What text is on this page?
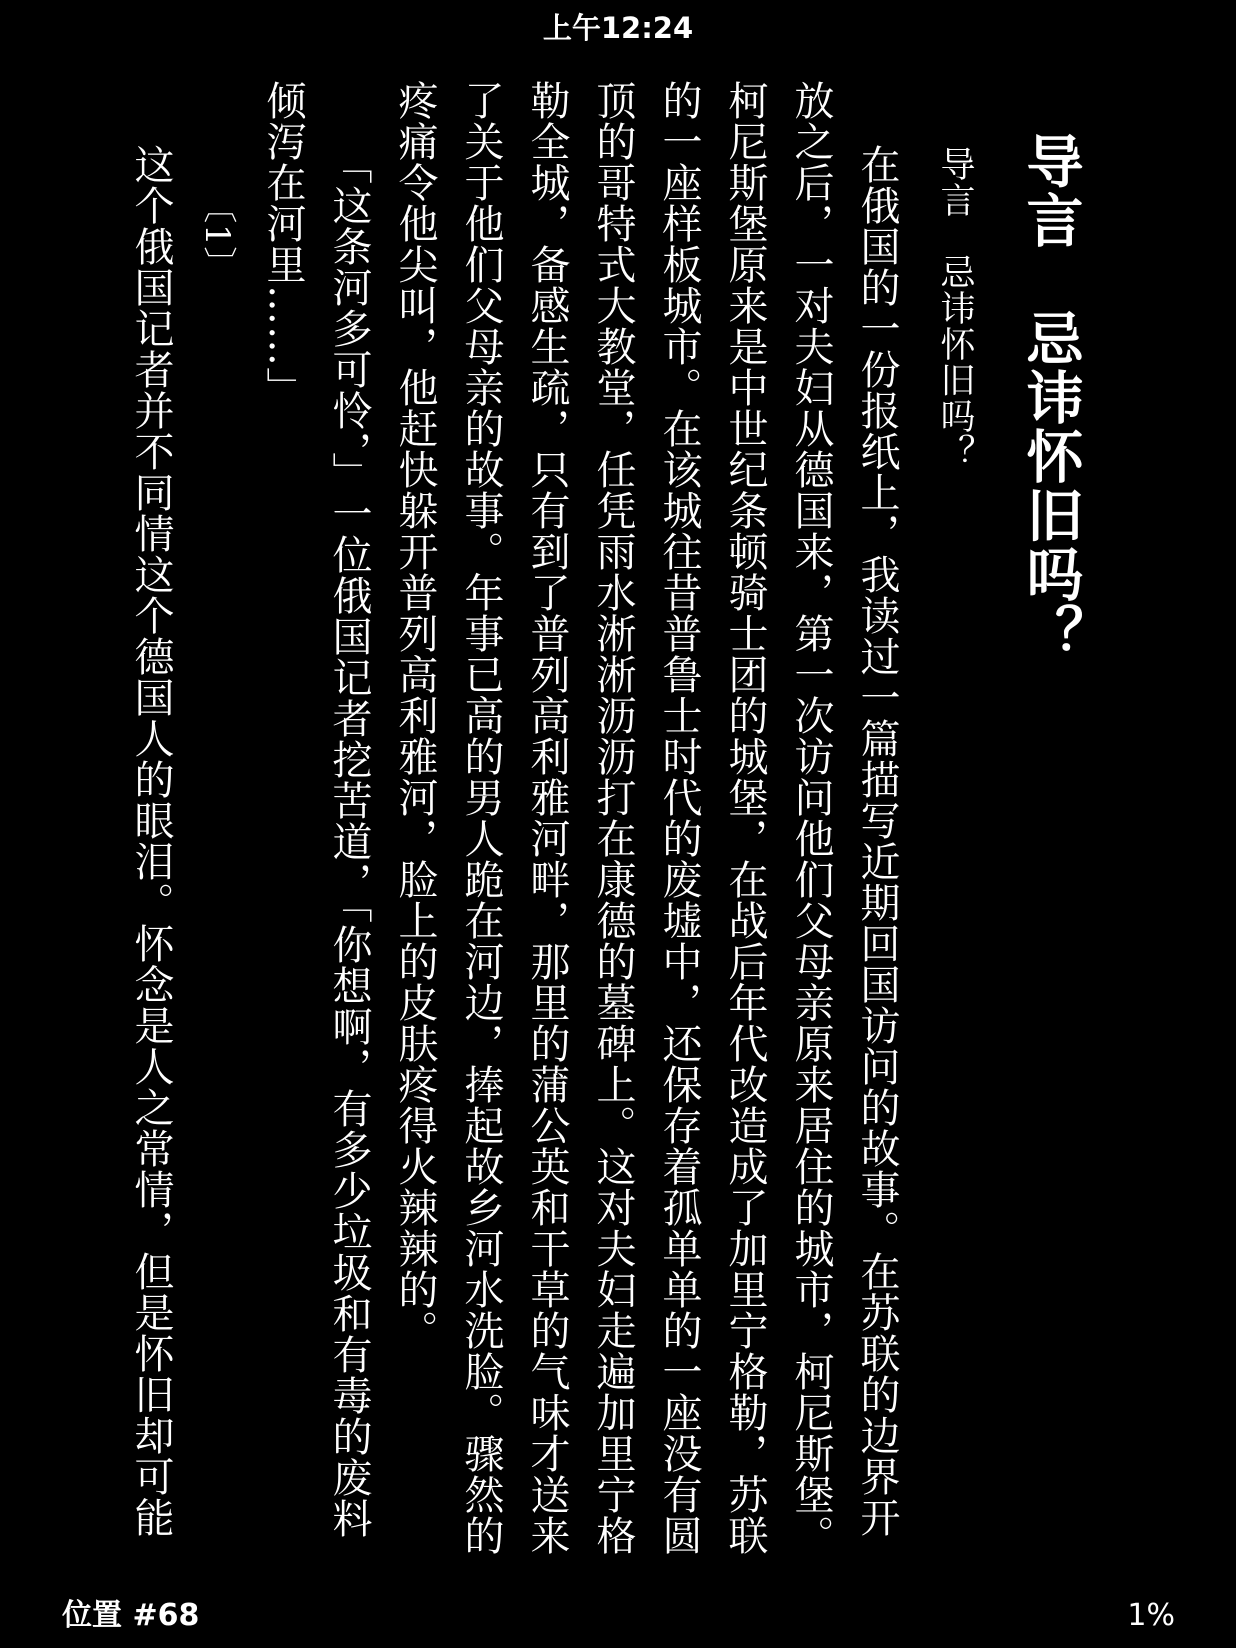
上午12:24
导言　忌讳怀旧吗？
导言　忌讳怀旧吗？

在俄国的一份报纸上，我读过一篇描写近期回国访问的故事。在苏联的边界开放之后，一对夫妇从德国来，第一次访问他们父母亲原来居住的城市，柯尼斯堡。柯尼斯堡原来是中世纪条顿骑士团的城堡，在战后年代改造成了加里宁格勒，苏联的一座样板城市。在该城往昔普鲁士时代的废墟中，还保存着孤单单的一座没有圆顶的哥特式大教堂，任凭雨水淅淅沥沥打在康德的墓碑上。这对夫妇走遍加里宁格勒全城，备感生疏，只有到了普列高利雅河畔，那里的蒲公英和干草的气味才送来了关于他们父母亲的故事。年事已高的男人跪在河边，捧起故乡河水洗脸。骤然的疼痛令他尖叫，他赶快躲开普列高利雅河，脸上的皮肤疼得火辣辣的。

「这条河多可怜，」一位俄国记者挖苦道，「你想啊，有多少垃圾和有毒的废料倾泻在河里……」

〔1〕

这个俄国记者并不同情这个德国人的眼泪。怀念是人之常情，但是怀旧却可能

位置 #68	1%
